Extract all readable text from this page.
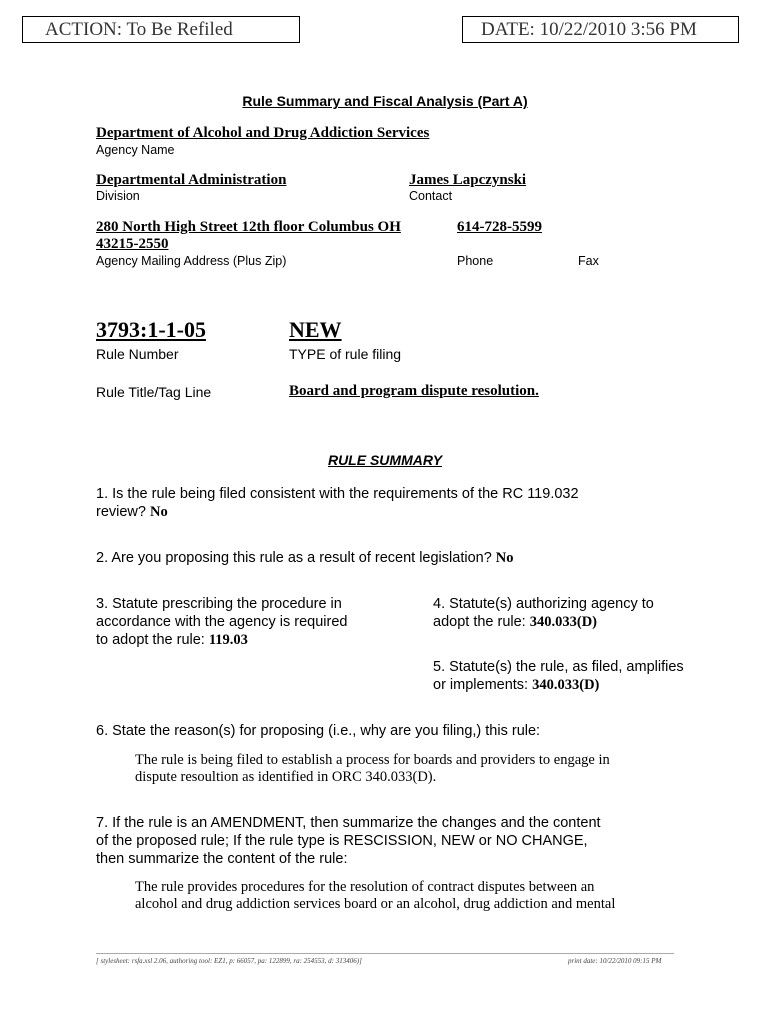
ACTION: To Be Refiled	DATE: 10/22/2010 3:56 PM
Rule Summary and Fiscal Analysis (Part A)
Department of Alcohol and Drug Addiction Services
Agency Name
Departmental Administration
Division
James Lapczynski
Contact
280 North High Street 12th floor Columbus OH
43215-2550
Agency Mailing Address (Plus Zip)
614-728-5599
Phone	Fax
3793:1-1-05
Rule Number
NEW
TYPE of rule filing
Rule Title/Tag Line	Board and program dispute resolution.
RULE SUMMARY
1. Is the rule being filed consistent with the requirements of the RC 119.032
review? No
2. Are you proposing this rule as a result of recent legislation? No
3. Statute prescribing the procedure in
accordance with the agency is required
to adopt the rule: 119.03
4. Statute(s) authorizing agency to
adopt the rule: 340.033(D)
5. Statute(s) the rule, as filed, amplifies
or implements: 340.033(D)
6. State the reason(s) for proposing (i.e., why are you filing,) this rule:
The rule is being filed to establish a process for boards and providers to engage in
dispute resoultion as identified in ORC 340.033(D).
7. If the rule is an AMENDMENT, then summarize the changes and the content
of the proposed rule; If the rule type is RESCISSION, NEW or NO CHANGE,
then summarize the content of the rule:
The rule provides procedures for the resolution of contract disputes between an
alcohol and drug addiction services board or an alcohol, drug addiction and mental
[ stylesheet: rsfa.xsl 2.06, authoring tool: EZ1, p: 66057, pa: 122899, ra: 254553, d: 313406)]	print date: 10/22/2010 09:15 PM
